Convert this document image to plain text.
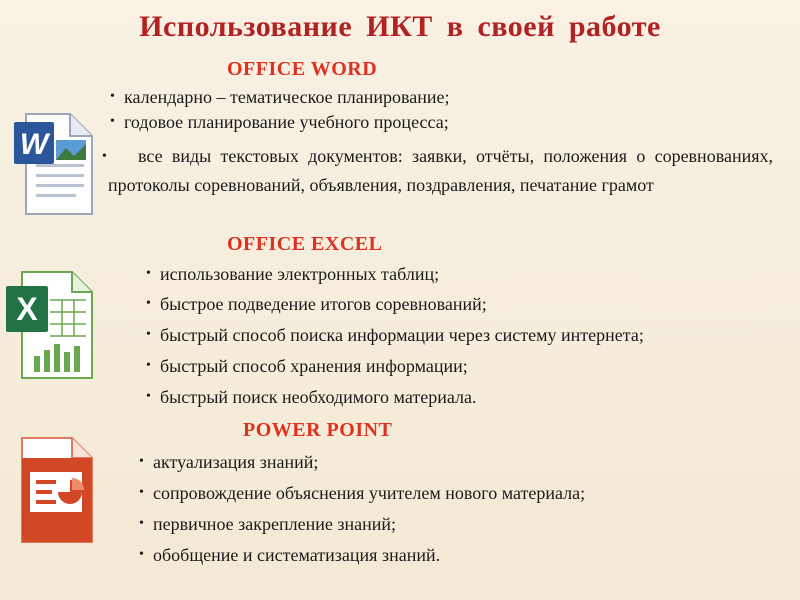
Использование ИКТ в своей работе
W
X
OFFICE WORD
• календарно – тематическое планирование;
• годовое планирование учебного процесса;
• все виды текстовых документов: заявки, отчёты, положения о соревнованиях, протоколы соревнований, объявления, поздравления, печатание грамот
OFFICE EXCEL
• использование электронных таблиц;
• быстрое подведение итогов соревнований;
• быстрый способ поиска информации через систему интернета;
• быстрый способ хранения информации;
• быстрый поиск необходимого материала.
POWER POINT
• актуализация знаний;
• сопровождение объяснения учителем нового материала;
• первичное закрепление знаний;
• обобщение и систематизация знаний.
